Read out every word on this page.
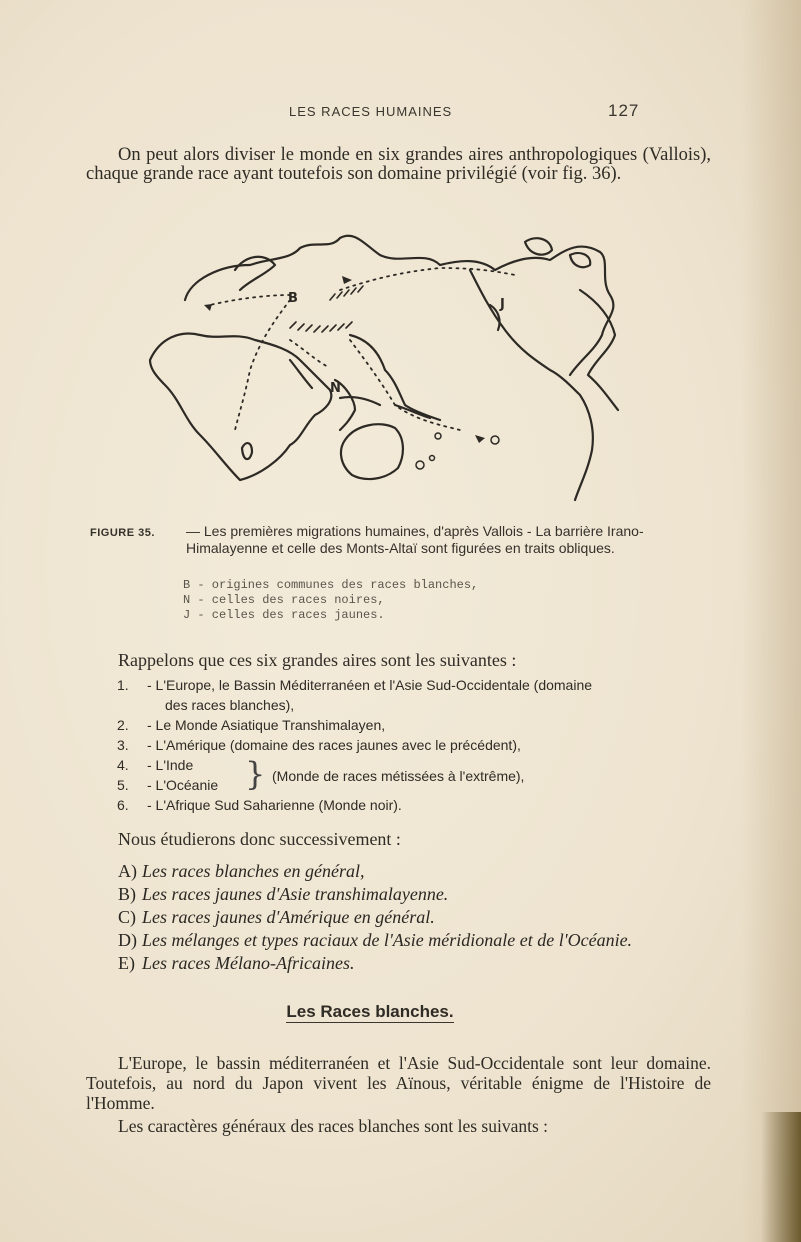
LES RACES HUMAINES	127

On peut alors diviser le monde en six grandes aires anthropologiques (Vallois), chaque grande race ayant toutefois son domaine privilégié (voir fig. 36).

B
N
J
FIGURE 35. — Les premières migrations humaines, d'après Vallois - La barrière Irano-Himalayenne et celle des Monts-Altaï sont figurées en traits obliques.
B - origines communes des races blanches,
N - celles des races noires,
J - celles des races jaunes.
Rappelons que ces six grandes aires sont les suivantes :
1.	- L'Europe, le Bassin Méditerranéen et l'Asie Sud-Occidentale (domaine
des races blanches),
2.	- Le Monde Asiatique Transhimalayen,
3.	- L'Amérique (domaine des races jaunes avec le précédent),
4.	- L'Inde
5.	- L'Océanie } (Monde de races métissées à l'extrême),
6.	- L'Afrique Sud Saharienne (Monde noir).
Nous étudierons donc successivement :
A) Les races blanches en général,
B) Les races jaunes d'Asie transhimalayenne.
C) Les races jaunes d'Amérique en général.
D) Les mélanges et types raciaux de l'Asie méridionale et de l'Océanie.
E) Les races Mélano-Africaines.
Les Races blanches.

L'Europe, le bassin méditerranéen et l'Asie Sud-Occidentale sont leur domaine. Toutefois, au nord du Japon vivent les Aïnous, véritable énigme de l'Histoire de l'Homme.

Les caractères généraux des races blanches sont les suivants :
